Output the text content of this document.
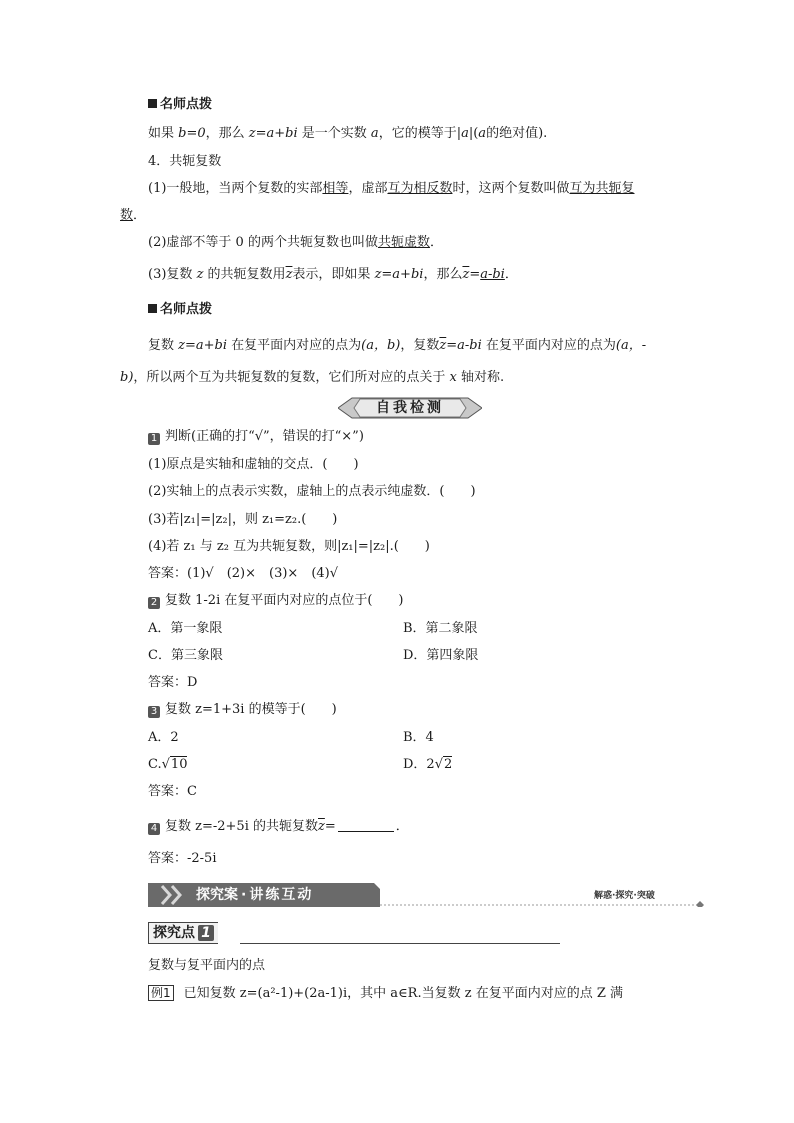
名师点拨
如果 b=0，那么 z=a+bi 是一个实数 a，它的模等于|a|(a的绝对值).
4．共轭复数
(1)一般地，当两个复数的实部相等，虚部互为相反数时，这两个复数叫做互为共轭复
数．
(2)虚部不等于 0 的两个共轭复数也叫做共轭虚数．
(3)复数 z 的共轭复数用$\overline{z}$表示，即如果 z=a+bi，那么$\overline{z}=a-bi$．
名师点拨
复数 z=a+bi 在复平面内对应的点为(a，b)，复数$\overline{z}=a-bi$ 在复平面内对应的点为(a，-
b)，所以两个互为共轭复数的复数，它们所对应的点关于 x 轴对称.
自我检测
1 判断(正确的打“√”，错误的打“×”)
(1)原点是实轴和虚轴的交点．(　　)
(2)实轴上的点表示实数，虚轴上的点表示纯虚数．(　　)
(3)若|z₁|=|z₂|，则 z₁=z₂.(　　)
(4)若 z₁ 与 z₂ 互为共轭复数，则|z₁|=|z₂|.(　　)
答案：(1)√　(2)×　(3)×　(4)√
2 复数 1-2i 在复平面内对应的点位于(　　)
A．第一象限	B．第二象限
C．第三象限	D．第四象限
答案：D
3 复数 z=1+3i 的模等于(　　)
A．2	B．4
C.√10	D．2√2
答案：C
4 复数 z=-2+5i 的共轭复数$\overline{z}=$	．
答案：-2-5i
探究案 · 讲练互动	解惑·探究·突破
探究点 1
复数与复平面内的点
例1 已知复数 z=(a²-1)+(2a-1)i，其中 a∈R.当复数 z 在复平面内对应的点 Z 满
